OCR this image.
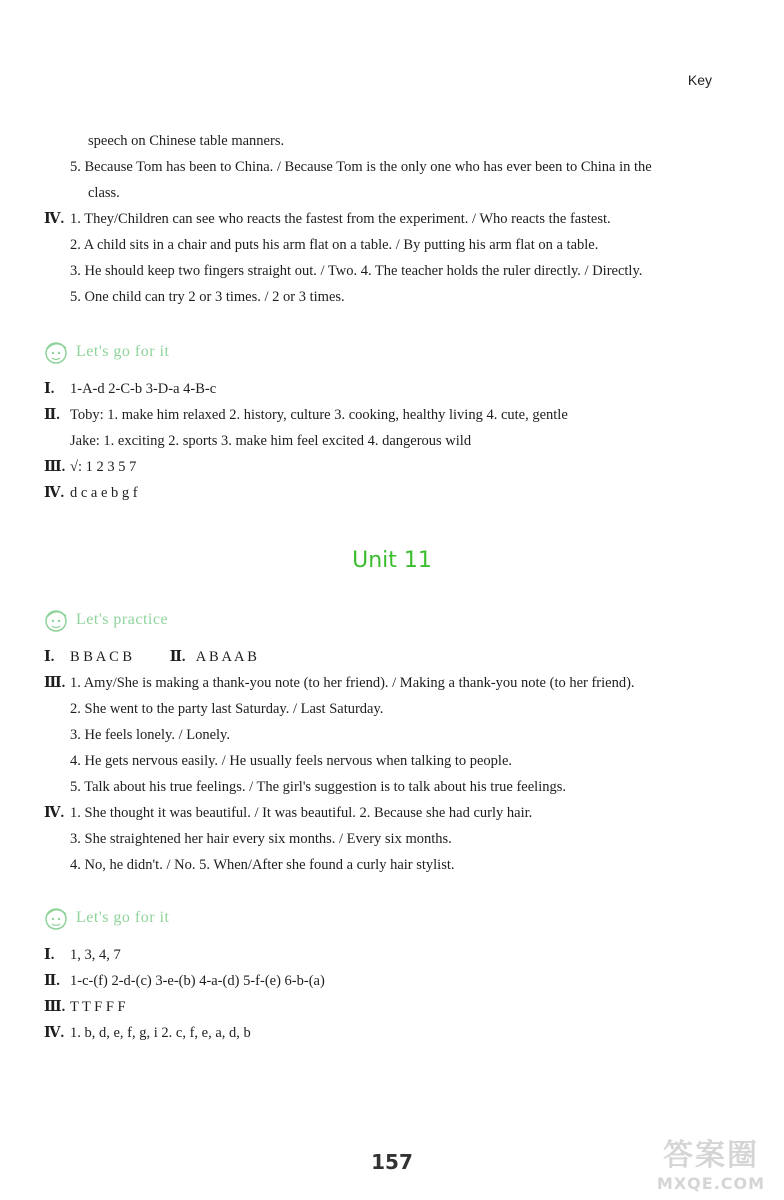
Key
speech on Chinese table manners.
5. Because Tom has been to China. / Because Tom is the only one who has ever been to China in the
class.
Ⅳ. 1. They/Children can see who reacts the fastest from the experiment. / Who reacts the fastest.
2. A child sits in a chair and puts his arm flat on a table. / By putting his arm flat on a table.
3. He should keep two fingers straight out. / Two. 4. The teacher holds the ruler directly. / Directly.
5. One child can try 2 or 3 times. / 2 or 3 times.
Let's go for it
Ⅰ. 1-A-d 2-C-b 3-D-a 4-B-c
Ⅱ. Toby: 1. make him relaxed 2. history, culture 3. cooking, healthy living 4. cute, gentle
Jake: 1. exciting 2. sports 3. make him feel excited 4. dangerous wild
Ⅲ. √: 1 2 3 5 7
Ⅳ. d c a e b g f
Unit 11
Let's practice
Ⅰ. B B A C B	Ⅱ. A B A A B
Ⅲ. 1. Amy/She is making a thank-you note (to her friend). / Making a thank-you note (to her friend).
2. She went to the party last Saturday. / Last Saturday.
3. He feels lonely. / Lonely.
4. He gets nervous easily. / He usually feels nervous when talking to people.
5. Talk about his true feelings. / The girl's suggestion is to talk about his true feelings.
Ⅳ. 1. She thought it was beautiful. / It was beautiful. 2. Because she had curly hair.
3. She straightened her hair every six months. / Every six months.
4. No, he didn't. / No. 5. When/After she found a curly hair stylist.
Let's go for it
Ⅰ. 1, 3, 4, 7
Ⅱ. 1-c-(f) 2-d-(c) 3-e-(b) 4-a-(d) 5-f-(e) 6-b-(a)
Ⅲ. T T F F F
Ⅳ. 1. b, d, e, f, g, i 2. c, f, e, a, d, b
157	答案圈
MXQE.COM
